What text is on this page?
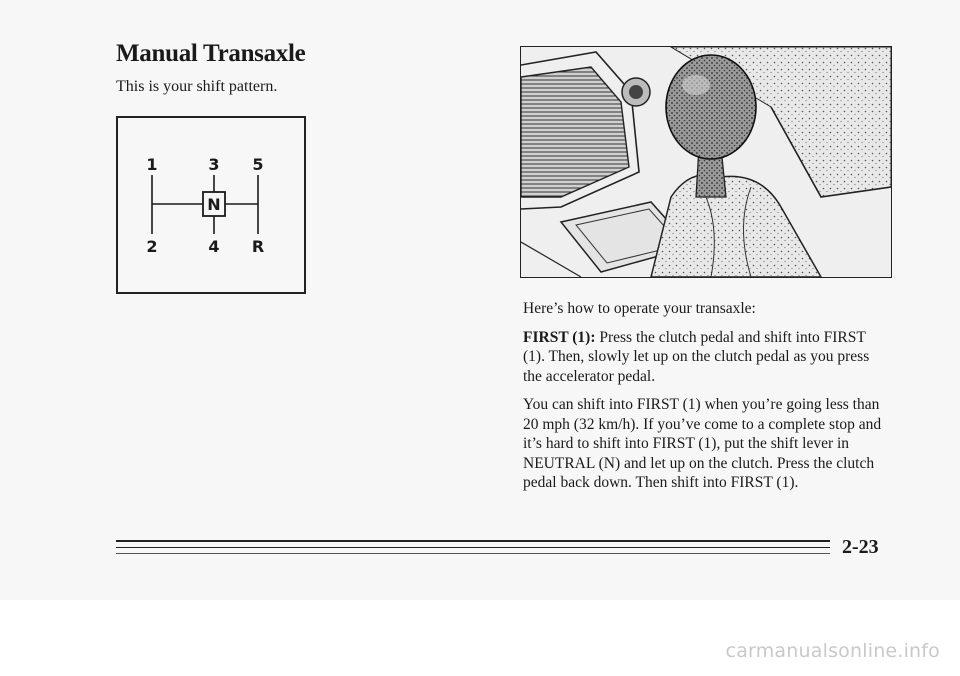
Manual Transaxle

This is your shift pattern.

N
1	3 5
2	4 R

Here’s how to operate your transaxle:

FIRST (1): Press the clutch pedal and shift into FIRST (1). Then, slowly let up on the clutch pedal as you press the accelerator pedal.

You can shift into FIRST (1) when you’re going less than 20 mph (32 km/h). If you’ve come to a complete stop and it’s hard to shift into FIRST (1), put the shift lever in NEUTRAL (N) and let up on the clutch. Press the clutch pedal back down. Then shift into FIRST (1).

2-23

carmanualsonline.info
